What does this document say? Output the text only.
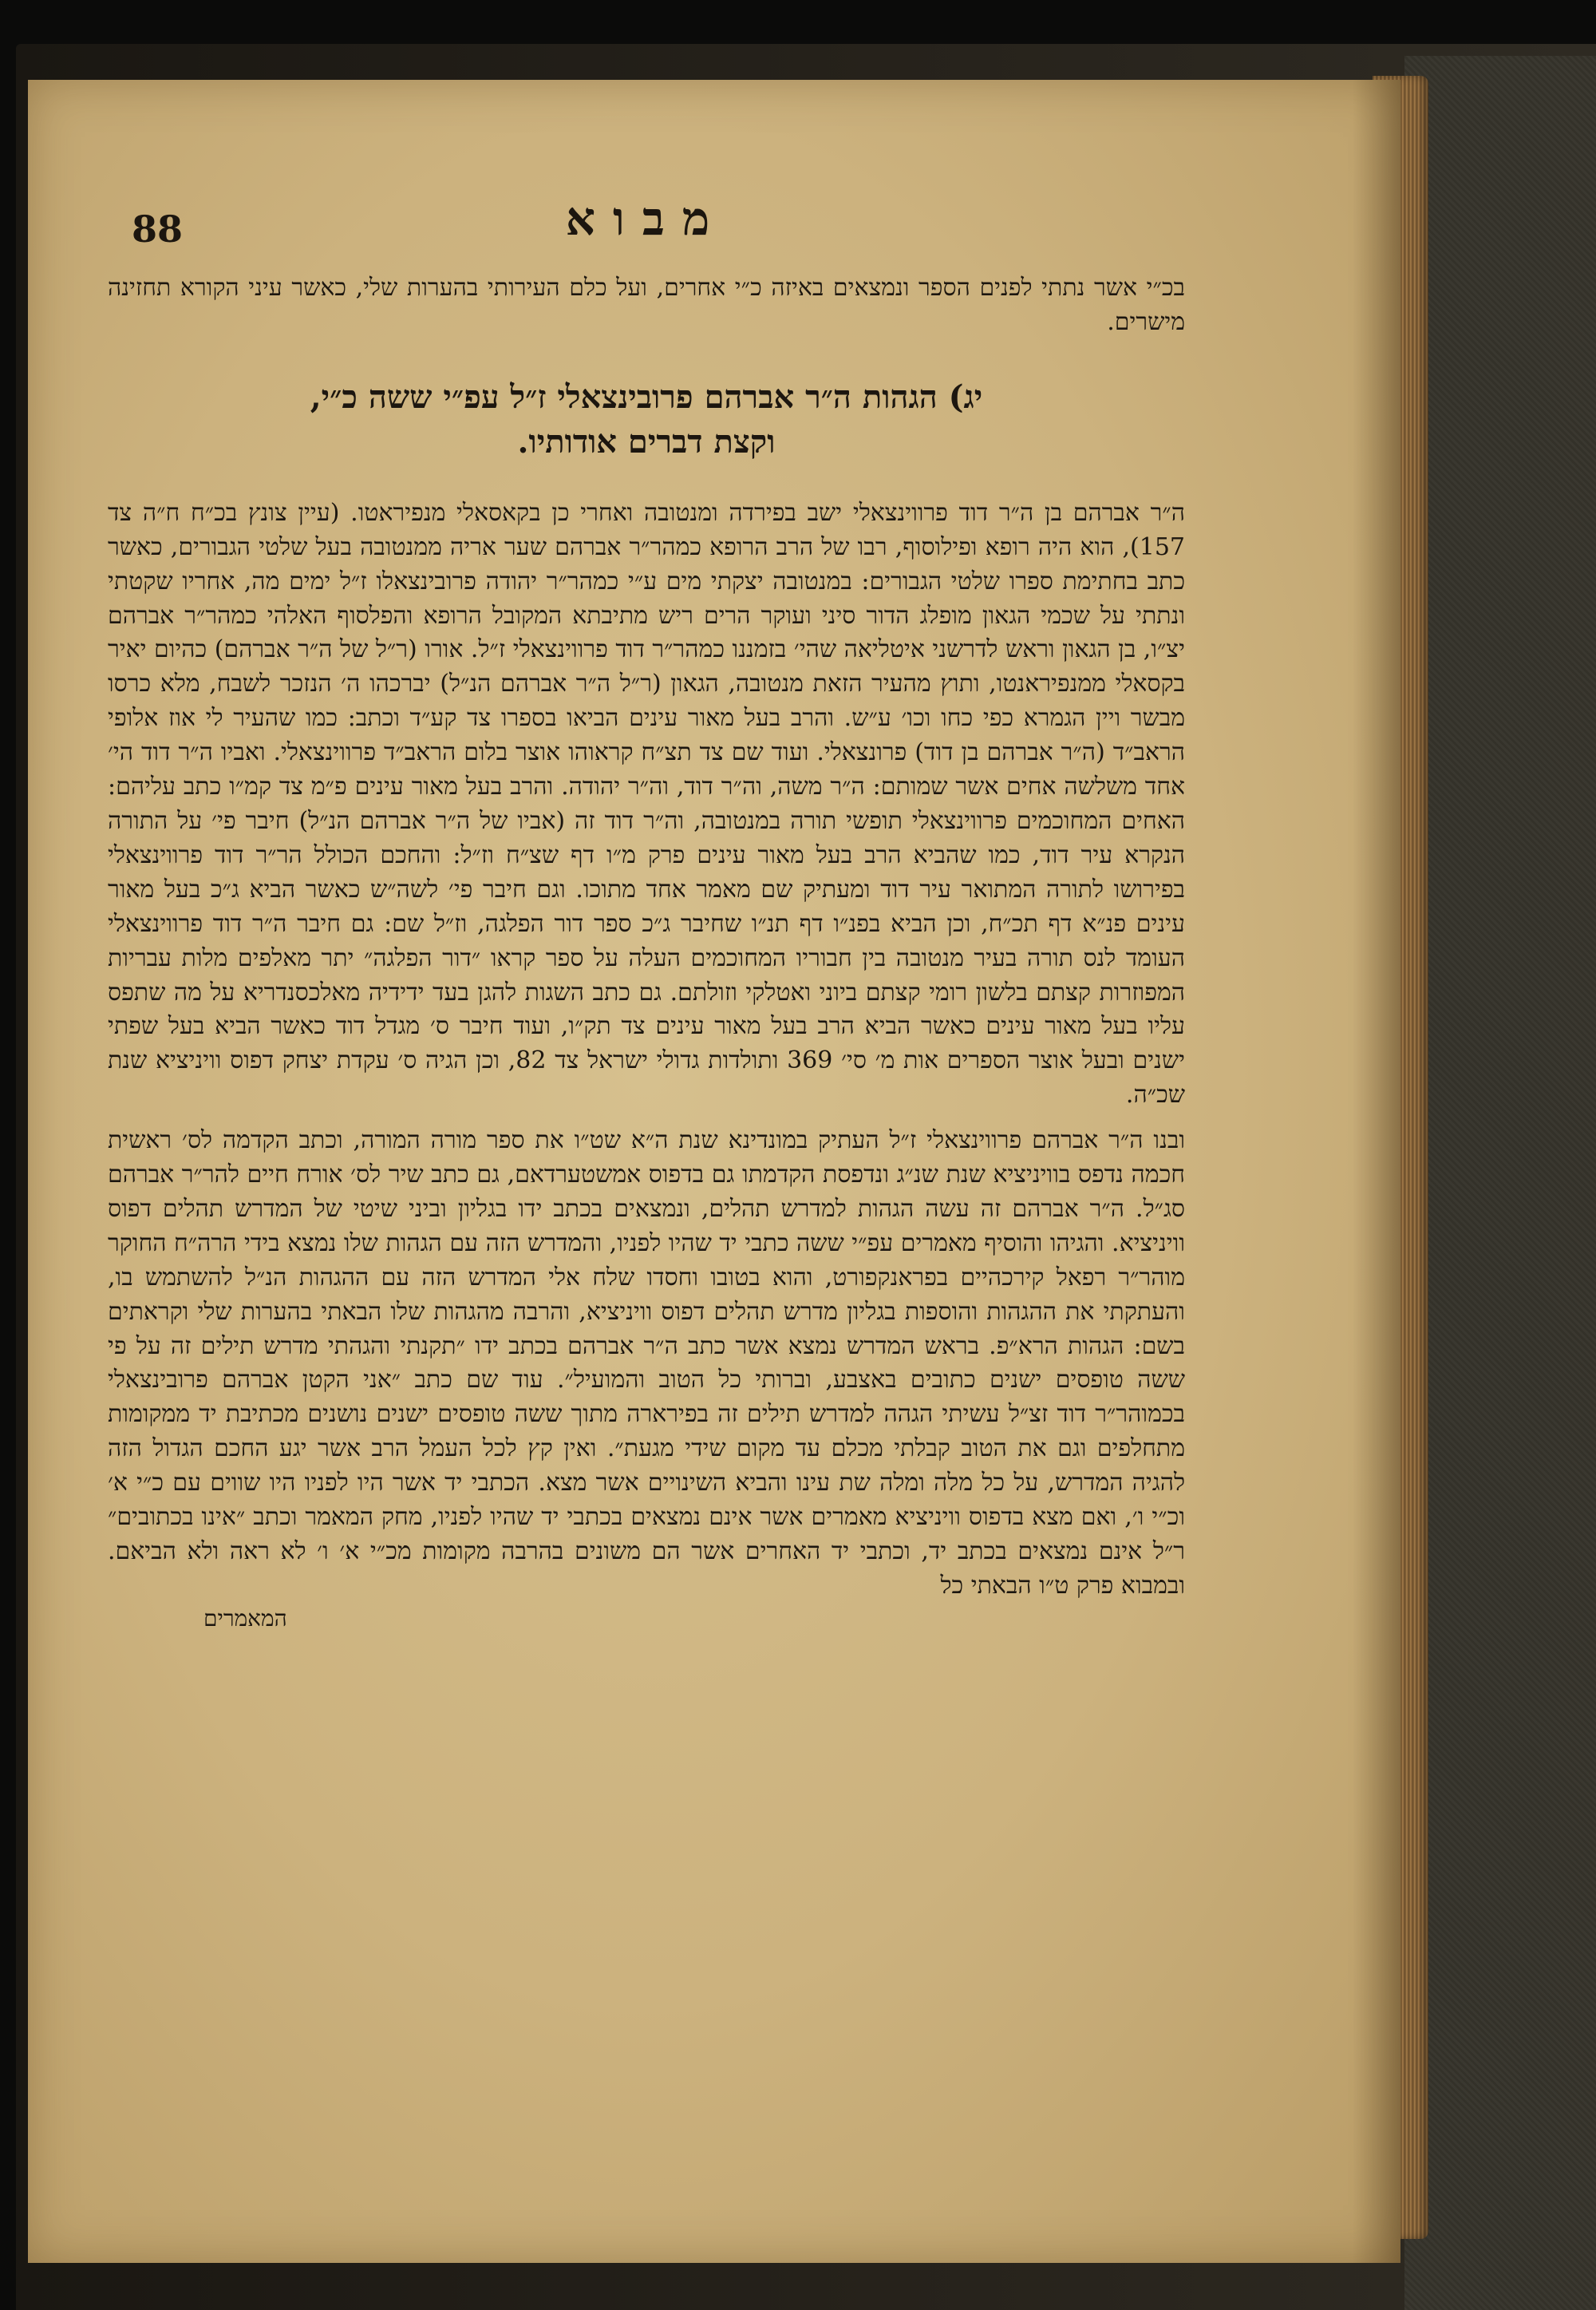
מבוא
88

בכ״י אשר נתתי לפנים הספר ונמצאים באיזה כ״י אחרים, ועל כלם העירותי בהערות שלי, כאשר עיני הקורא תחזינה מישרים.

יג) הגהות ה״ר אברהם פרובינצאלי ז״ל עפ״י ששה כ״י,
וקצת דברים אודותיו.

ה״ר אברהם בן ה״ר דוד פרווינצאלי ישב בפירדה ומנטובה ואחרי כן בקאסאלי מנפיראטו. (עיין צונץ בכ״ח ח״ה צד 157), הוא היה רופא ופילוסוף, רבו של הרב הרופא כמהר״ר אברהם שער אריה ממנטובה בעל שלטי הגבורים, כאשר כתב בחתימת ספרו שלטי הגבורים: במנטובה יצקתי מים ע״י כמהר״ר יהודה פרובינצאלו ז״ל ימים מה, אחריו שקטתי ונתתי על שכמי הגאון מופלג הדור סיני ועוקר הרים ריש מתיבתא המקובל הרופא והפלסוף האלהי כמהר״ר אברהם יצ״ו, בן הגאון וראש לדרשני איטליאה שהי׳ בזמננו כמהר״ר דוד פרווינצאלי ז״ל. אורו (ר״ל של ה״ר אברהם) כהיום יאיר בקסאלי ממנפיראנטו, ותוץ מהעיר הזאת מנטובה, הגאון (ר״ל ה״ר אברהם הנ״ל) יברכהו ה׳ הנזכר לשבח, מלא כרסו מבשר ויין הגמרא כפי כחו וכו׳ ע״ש. והרב בעל מאור עינים הביאו בספרו צד קע״ד וכתב: כמו שהעיר לי אוז אלופי הראב״ד (ה״ר אברהם בן דוד) פרונצאלי. ועוד שם צד תצ״ח קראוהו אוצר בלום הראב״ד פרווינצאלי. ואביו ה״ר דוד הי׳ אחד משלשה אחים אשר שמותם: ה״ר משה, וה״ר דוד, וה״ר יהודה. והרב בעל מאור עינים פ״מ צד קמ״ו כתב עליהם: האחים המחוכמים פרווינצאלי תופשי תורה במנטובה, וה״ר דוד זה (אביו של ה״ר אברהם הנ״ל) חיבר פי׳ על התורה הנקרא עיר דוד, כמו שהביא הרב בעל מאור עינים פרק מ״ו דף שצ״ח וז״ל: והחכם הכולל הר״ר דוד פרווינצאלי בפירושו לתורה המתואר עיר דוד ומעתיק שם מאמר אחד מתוכו. וגם חיבר פי׳ לשה״ש כאשר הביא ג״כ בעל מאור עינים פנ״א דף תכ״ח, וכן הביא בפנ״ו דף תנ״ו שחיבר ג״כ ספר דור הפלגה, וז״ל שם: גם חיבר ה״ר דוד פרווינצאלי העומד לנס תורה בעיר מנטובה בין חבוריו המחוכמים העלה על ספר קראו ״דור הפלגה״ יתר מאלפים מלות עבריות המפוזרות קצתם בלשון רומי קצתם ביוני ואטלקי וזולתם. גם כתב השגות להגן בעד ידידיה מאלכסנדריא על מה שתפס עליו בעל מאור עינים כאשר הביא הרב בעל מאור עינים צד תק״ו, ועוד חיבר ס׳ מגדל דוד כאשר הביא בעל שפתי ישנים ובעל אוצר הספרים אות מ׳ סי׳ 369 ותולדות גדולי ישראל צד 82, וכן הגיה ס׳ עקדת יצחק דפוס וויניציא שנת שכ״ה.

ובנו ה״ר אברהם פרווינצאלי ז״ל העתיק במונדינא שנת ה״א שט״ו את ספר מורה המורה, וכתב הקדמה לס׳ ראשית חכמה נדפס בוויניציא שנת שנ״ג ונדפסת הקדמתו גם בדפוס אמשטערדאם, גם כתב שיר לס׳ אורח חיים להר״ר אברהם סג״ל. ה״ר אברהם זה עשה הגהות למדרש תהלים, ונמצאים בכתב ידו בגליון וביני שיטי של המדרש תהלים דפוס וויניציא. והגיהו והוסיף מאמרים עפ״י ששה כתבי יד שהיו לפניו, והמדרש הזה עם הגהות שלו נמצא בידי הרה״ח החוקר מוהר״ר רפאל קירכהיים בפראנקפורט, והוא בטובו וחסדו שלח אלי המדרש הזה עם ההגהות הנ״ל להשתמש בו, והעתקתי את ההגהות והוספות בגליון מדרש תהלים דפוס וויניציא, והרבה מהגהות שלו הבאתי בהערות שלי וקראתים בשם: הגהות הרא״פ. בראש המדרש נמצא אשר כתב ה״ר אברהם בכתב ידו ״תקנתי והגהתי מדרש תילים זה על פי ששה טופסים ישנים כתובים באצבע, וברותי כל הטוב והמועיל״. עוד שם כתב ״אני הקטן אברהם פרובינצאלי בכמוהר״ר דוד זצ״ל עשיתי הגהה למדרש תילים זה בפירארה מתוך ששה טופסים ישנים נושנים מכתיבת יד ממקומות מתחלפים וגם את הטוב קבלתי מכלם עד מקום שידי מגעת״. ואין קץ לכל העמל הרב אשר יגע החכם הגדול הזה להגיה המדרש, על כל מלה ומלה שת עינו והביא השינויים אשר מצא. הכתבי יד אשר היו לפניו היו שווים עם כ״י א׳ וכ״י ו׳, ואם מצא בדפוס וויניציא מאמרים אשר אינם נמצאים בכתבי יד שהיו לפניו, מחק המאמר וכתב ״אינו בכתובים״ ר״ל אינם נמצאים בכתב יד, וכתבי יד האחרים אשר הם משונים בהרבה מקומות מכ״י א׳ ו׳ לא ראה ולא הביאם. ובמבוא פרק ט״ו הבאתי כל

המאמרים
